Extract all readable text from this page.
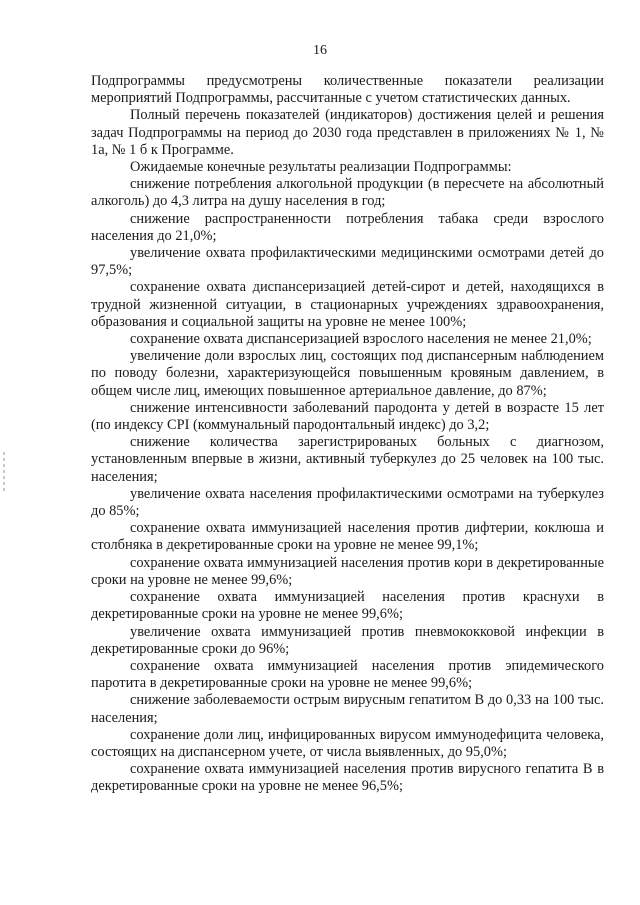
16

Подпрограммы предусмотрены количественные показатели реализации мероприятий Подпрограммы, рассчитанные с учетом статистических данных.

Полный перечень показателей (индикаторов) достижения целей и решения задач Подпрограммы на период до 2030 года представлен в приложениях № 1, № 1а, № 1 б к Программе.

Ожидаемые конечные результаты реализации Подпрограммы:

снижение потребления алкогольной продукции (в пересчете на абсолютный алкоголь) до 4,3 литра на душу населения в год;

снижение распространенности потребления табака среди взрослого населения до 21,0%;

увеличение охвата профилактическими медицинскими осмотрами детей до 97,5%;

сохранение охвата диспансеризацией детей-сирот и детей, находящихся в трудной жизненной ситуации, в стационарных учреждениях здравоохранения, образования и социальной защиты на уровне не менее 100%;

сохранение охвата диспансеризацией взрослого населения не менее 21,0%;

увеличение доли взрослых лиц, состоящих под диспансерным наблюдением по поводу болезни, характеризующейся повышенным кровяным давлением, в общем числе лиц, имеющих повышенное артериальное давление, до 87%;

снижение интенсивности заболеваний пародонта у детей в возрасте 15 лет (по индексу CPI (коммунальный пародонтальный индекс) до 3,2;

снижение количества зарегистрированых больных с диагнозом, установленным впервые в жизни, активный туберкулез до 25 человек на 100 тыс. населения;

увеличение охвата населения профилактическими осмотрами на туберкулез до 85%;

сохранение охвата иммунизацией населения против дифтерии, коклюша и столбняка в декретированные сроки на уровне не менее 99,1%;

сохранение охвата иммунизацией населения против кори в декретированные сроки на уровне не менее 99,6%;

сохранение охвата иммунизацией населения против краснухи в декретированные сроки на уровне не менее 99,6%;

увеличение охвата иммунизацией против пневмококковой инфекции в декретированные сроки до 96%;

сохранение охвата иммунизацией населения против эпидемического паротита в декретированные сроки на уровне не менее 99,6%;

снижение заболеваемости острым вирусным гепатитом В до 0,33 на 100 тыс. населения;

сохранение доли лиц, инфицированных вирусом иммунодефицита человека, состоящих на диспансерном учете, от числа выявленных, до 95,0%;

сохранение охвата иммунизацией населения против вирусного гепатита В в декретированные сроки на уровне не менее 96,5%;
